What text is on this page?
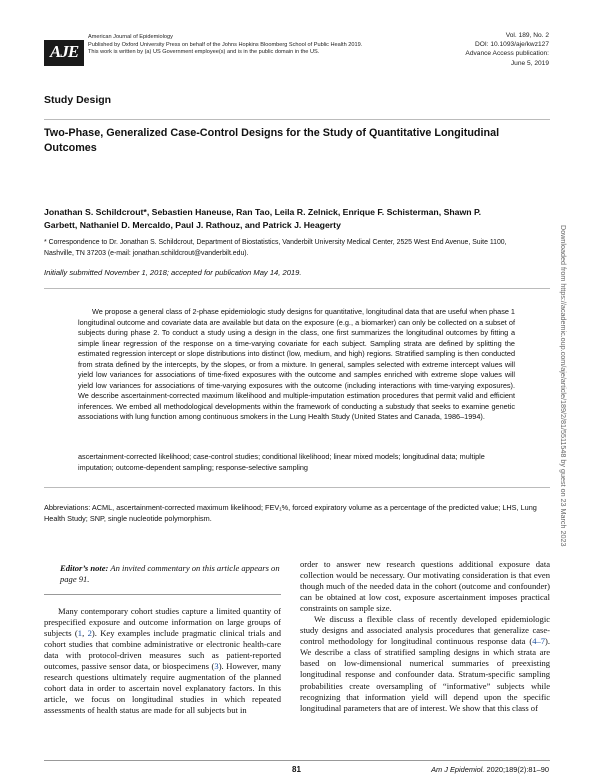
AJE
American Journal of Epidemiology
Published by Oxford University Press on behalf of the Johns Hopkins Bloomberg School of Public Health 2019.
This work is written by (a) US Government employee(s) and is in the public domain in the US.
Vol. 189, No. 2
DOI: 10.1093/aje/kwz127
Advance Access publication:
June 5, 2019
Study Design
Two-Phase, Generalized Case-Control Designs for the Study of Quantitative Longitudinal Outcomes
Jonathan S. Schildcrout*, Sebastien Haneuse, Ran Tao, Leila R. Zelnick, Enrique F. Schisterman, Shawn P. Garbett, Nathaniel D. Mercaldo, Paul J. Rathouz, and Patrick J. Heagerty
* Correspondence to Dr. Jonathan S. Schildcrout, Department of Biostatistics, Vanderbilt University Medical Center, 2525 West End Avenue, Suite 1100, Nashville, TN 37203 (e-mail: jonathan.schildcrout@vanderbilt.edu).
Initially submitted November 1, 2018; accepted for publication May 14, 2019.
We propose a general class of 2-phase epidemiologic study designs for quantitative, longitudinal data that are useful when phase 1 longitudinal outcome and covariate data are available but data on the exposure (e.g., a biomarker) can only be collected on a subset of subjects during phase 2. To conduct a study using a design in the class, one first summarizes the longitudinal outcomes by fitting a simple linear regression of the response on a time-varying covariate for each subject. Sampling strata are defined by splitting the estimated regression intercept or slope distributions into distinct (low, medium, and high) regions. Stratified sampling is then conducted from strata defined by the intercepts, by the slopes, or from a mixture. In general, samples selected with extreme intercept values will yield low variances for associations of time-fixed exposures with the outcome and samples enriched with extreme slope values will yield low variances for associations of time-varying exposures with the outcome (including interactions with time-varying exposures). We describe ascertainment-corrected maximum likelihood and multiple-imputation estimation procedures that permit valid and efficient inferences. We embed all methodological developments within the framework of conducting a substudy that seeks to examine genetic associations with lung function among continuous smokers in the Lung Health Study (United States and Canada, 1986–1994).
ascertainment-corrected likelihood; case-control studies; conditional likelihood; linear mixed models; longitudinal data; multiple imputation; outcome-dependent sampling; response-selective sampling
Abbreviations: ACML, ascertainment-corrected maximum likelihood; FEV₁%, forced expiratory volume as a percentage of the predicted value; LHS, Lung Health Study; SNP, single nucleotide polymorphism.
Editor’s note: An invited commentary on this article appears on page 91.
Many contemporary cohort studies capture a limited quantity of prespecified exposure and outcome information on large groups of subjects (1, 2). Key examples include pragmatic clinical trials and cohort studies that combine administrative or electronic health-care data with protocol-driven measures such as patient-reported outcomes, passive sensor data, or biospecimens (3). However, many research questions ultimately require augmentation of the planned cohort data in order to ascertain novel explanatory factors. In this article, we focus on longitudinal studies in which repeated assessments of health status are made for all subjects but in

order to answer new research questions additional exposure data collection would be necessary. Our motivating consideration is that even though much of the needed data in the cohort (outcome and confounder) can be obtained at low cost, exposure ascertainment imposes practical constraints on sample size.

We discuss a flexible class of recently developed epidemiologic study designs and associated analysis procedures that generalize case-control methodology for longitudinal continuous response data (4–7). We describe a class of stratified sampling designs in which strata are based on low-dimensional numerical summaries of preexisting longitudinal response and confounder data. Stratum-specific sampling probabilities create oversampling of “informative” subjects while recognizing that information yield will depend upon the specific longitudinal parameters that are of interest. We show that this class of

81	Am J Epidemiol. 2020;189(2):81–90
Downloaded from https://academic.oup.com/aje/article/189/2/81/5511548 by guest on 23 March 2023
